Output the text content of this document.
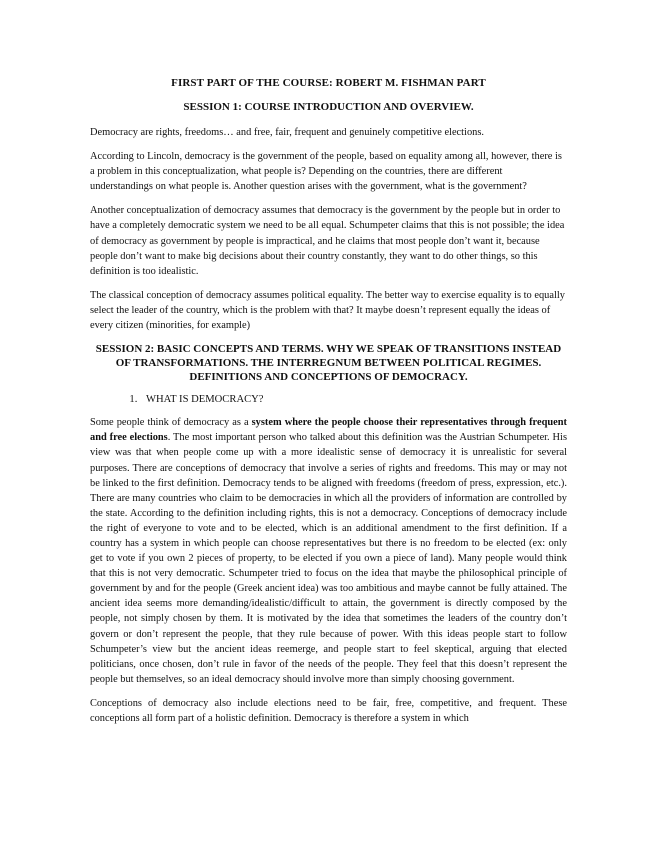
FIRST PART OF THE COURSE: ROBERT M. FISHMAN PART
SESSION 1: COURSE INTRODUCTION AND OVERVIEW.

Democracy are rights, freedoms… and free, fair, frequent and genuinely competitive elections.

According to Lincoln, democracy is the government of the people, based on equality among all, however, there is a problem in this conceptualization, what people is? Depending on the countries, there are different understandings on what people is. Another question arises with the government, what is the government?

Another conceptualization of democracy assumes that democracy is the government by the people but in order to have a completely democratic system we need to be all equal. Schumpeter claims that this is not possible; the idea of democracy as government by people is impractical, and he claims that most people don’t want it, because people don’t want to make big decisions about their country constantly, they want to do other things, so this definition is too idealistic.

The classical conception of democracy assumes political equality. The better way to exercise equality is to equally select the leader of the country, which is the problem with that? It maybe doesn’t represent equally the ideas of every citizen (minorities, for example)

SESSION 2: BASIC CONCEPTS AND TERMS. WHY WE SPEAK OF TRANSITIONS INSTEAD OF TRANSFORMATIONS. THE INTERREGNUM BETWEEN POLITICAL REGIMES. DEFINITIONS AND CONCEPTIONS OF DEMOCRACY.
1. WHAT IS DEMOCRACY?

Some people think of democracy as a system where the people choose their representatives through frequent and free elections. The most important person who talked about this definition was the Austrian Schumpeter. His view was that when people come up with a more idealistic sense of democracy it is unrealistic for several purposes. There are conceptions of democracy that involve a series of rights and freedoms. This may or may not be linked to the first definition. Democracy tends to be aligned with freedoms (freedom of press, expression, etc.). There are many countries who claim to be democracies in which all the providers of information are controlled by the state. According to the definition including rights, this is not a democracy. Conceptions of democracy include the right of everyone to vote and to be elected, which is an additional amendment to the first definition. If a country has a system in which people can choose representatives but there is no freedom to be elected (ex: only get to vote if you own 2 pieces of property, to be elected if you own a piece of land). Many people would think that this is not very democratic. Schumpeter tried to focus on the idea that maybe the philosophical principle of government by and for the people (Greek ancient idea) was too ambitious and maybe cannot be fully attained. The ancient idea seems more demanding/idealistic/difficult to attain, the government is directly composed by the people, not simply chosen by them. It is motivated by the idea that sometimes the leaders of the country don’t govern or don’t represent the people, that they rule because of power. With this ideas people start to follow Schumpeter’s view but the ancient ideas reemerge, and people start to feel skeptical, arguing that elected politicians, once chosen, don’t rule in favor of the needs of the people. They feel that this doesn’t represent the people but themselves, so an ideal democracy should involve more than simply choosing government.

Conceptions of democracy also include elections need to be fair, free, competitive, and frequent. These conceptions all form part of a holistic definition. Democracy is therefore a system in which
